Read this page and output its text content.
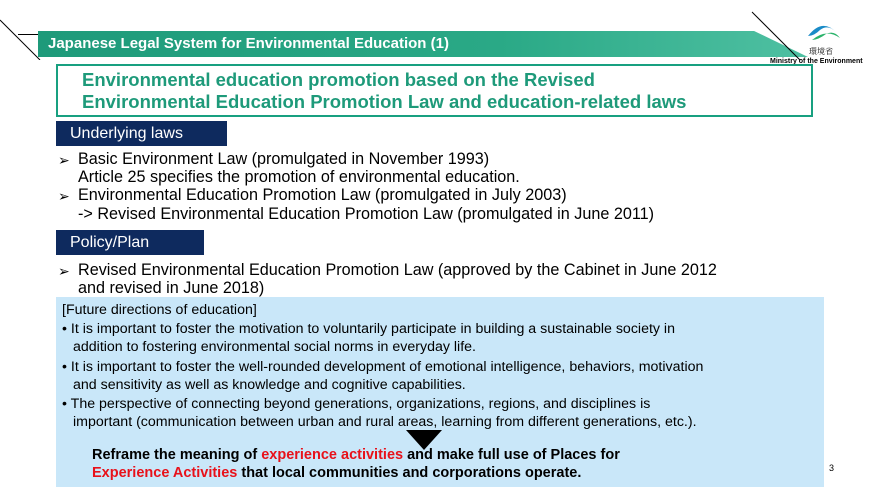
Japanese Legal System for Environmental Education (1)	環境省
Ministry of the Environment
Environmental education promotion based on the Revised
Environmental Education Promotion Law and education-related laws
Underlying laws
➢ Basic Environment Law (promulgated in November 1993)
Article 25 specifies the promotion of environmental education.
➢ Environmental Education Promotion Law (promulgated in July 2003)
-> Revised Environmental Education Promotion Law (promulgated in June 2011)
Policy/Plan
➢ Revised Environmental Education Promotion Law (approved by the Cabinet in June 2012
and revised in June 2018)
[Future directions of education]
• It is important to foster the motivation to voluntarily participate in building a sustainable society in
addition to fostering environmental social norms in everyday life.
• It is important to foster the well-rounded development of emotional intelligence, behaviors, motivation
and sensitivity as well as knowledge and cognitive capabilities.
• The perspective of connecting beyond generations, organizations, regions, and disciplines is
important (communication between urban and rural areas, learning from different generations, etc.).
Reframe the meaning of experience activities and make full use of Places for
Experience Activities that local communities and corporations operate.	3
